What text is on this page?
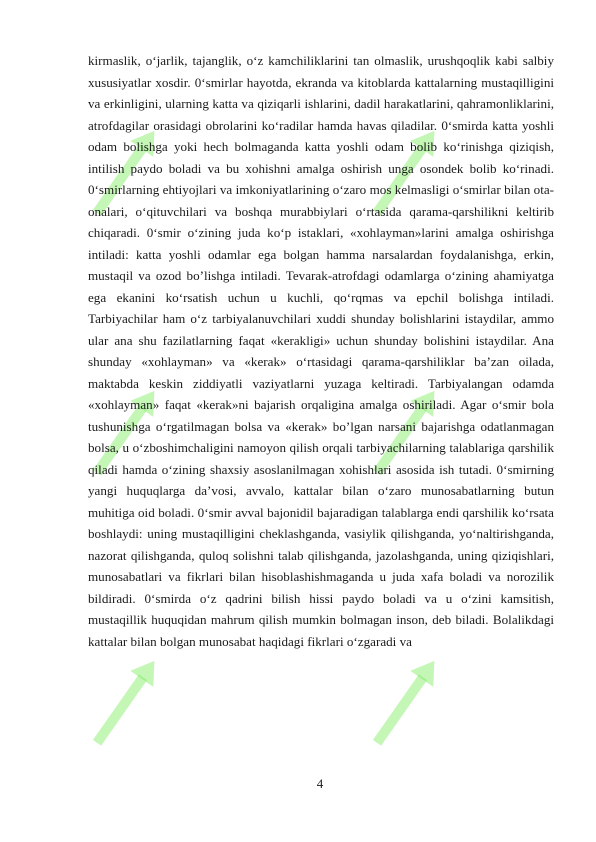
kirmaslik, oʻjarlik, tajanglik, oʻz kamchiliklarini tan olmaslik, urushqoqlik kabi salbiy xususiyatlar xosdir. 0ʻsmirlar hayotda, ekranda va kitoblarda kattalarning mustaqilligini va erkinligini, ularning katta va qiziqarli ishlarini, dadil harakatlarini, qahramonliklarini, atrofdagilar orasidagi obrolarini koʻradilar hamda havas qiladilar. 0ʻsmirda katta yoshli odam bolishga yoki hech bolmaganda katta yoshli odam bolib koʻrinishga qiziqish, intilish paydo boladi va bu xohishni amalga oshirish unga osondek bolib koʻrinadi. 0ʻsmirlarning ehtiyojlari va imkoniyatlarining oʻzaro mos kelmasligi oʻsmirlar bilan ota-onalari, oʻqituvchilari va boshqa murabbiylari oʻrtasida qarama-qarshilikni keltirib chiqaradi. 0ʻsmir oʻzining juda koʻp istaklari, «xohlayman»larini amalga oshirishga intiladi: katta yoshli odamlar ega bolgan hamma narsalardan foydalanishga, erkin, mustaqil va ozod boʼlishga intiladi. Tevarak-atrofdagi odamlarga oʻzining ahamiyatga ega ekanini koʻrsatish uchun u kuchli, qoʻrqmas va epchil bolishga intiladi. Tarbiyachilar ham oʻz tarbiyalanuvchilari xuddi shunday bolishlarini istaydilar, ammo ular ana shu fazilatlarning faqat «kerakligi» uchun shunday bolishini istaydilar. Ana shunday «xohlayman» va «kerak» oʻrtasidagi qarama-qarshiliklar baʼzan oilada, maktabda keskin ziddiyatli vaziyatlarni yuzaga keltiradi. Tarbiyalangan odamda «xohlayman» faqat «kerak»ni bajarish orqaligina amalga oshiriladi. Agar oʻsmir bola tushunishga oʻrgatilmagan bolsa va «kerak» boʼlgan narsani bajarishga odatlanmagan bolsa, u oʻzboshimchaligini namoyon qilish orqali tarbiyachilarning talablariga qarshilik qiladi hamda oʻzining shaxsiy asoslanilmagan xohishlari asosida ish tutadi. 0ʻsmirning yangi huquqlarga daʼvosi, avvalo, kattalar bilan oʻzaro munosabatlarning butun muhitiga oid boladi. 0ʻsmir avval bajonidil bajaradigan talablarga endi qarshilik koʻrsata boshlaydi: uning mustaqilligini cheklashganda, vasiylik qilishganda, yoʻnaltirishganda, nazorat qilishganda, quloq solishni talab qilishganda, jazolashganda, uning qiziqishlari, munosabatlari va fikrlari bilan hisoblashishmaganda u juda xafa boladi va norozilik bildiradi. 0ʻsmirda oʻz qadrini bilish hissi paydo boladi va u oʻzini kamsitish, mustaqillik huquqidan mahrum qilish mumkin bolmagan inson, deb biladi. Bolalikdagi kattalar bilan bolgan munosabat haqidagi fikrlari oʻzgaradi va

4
